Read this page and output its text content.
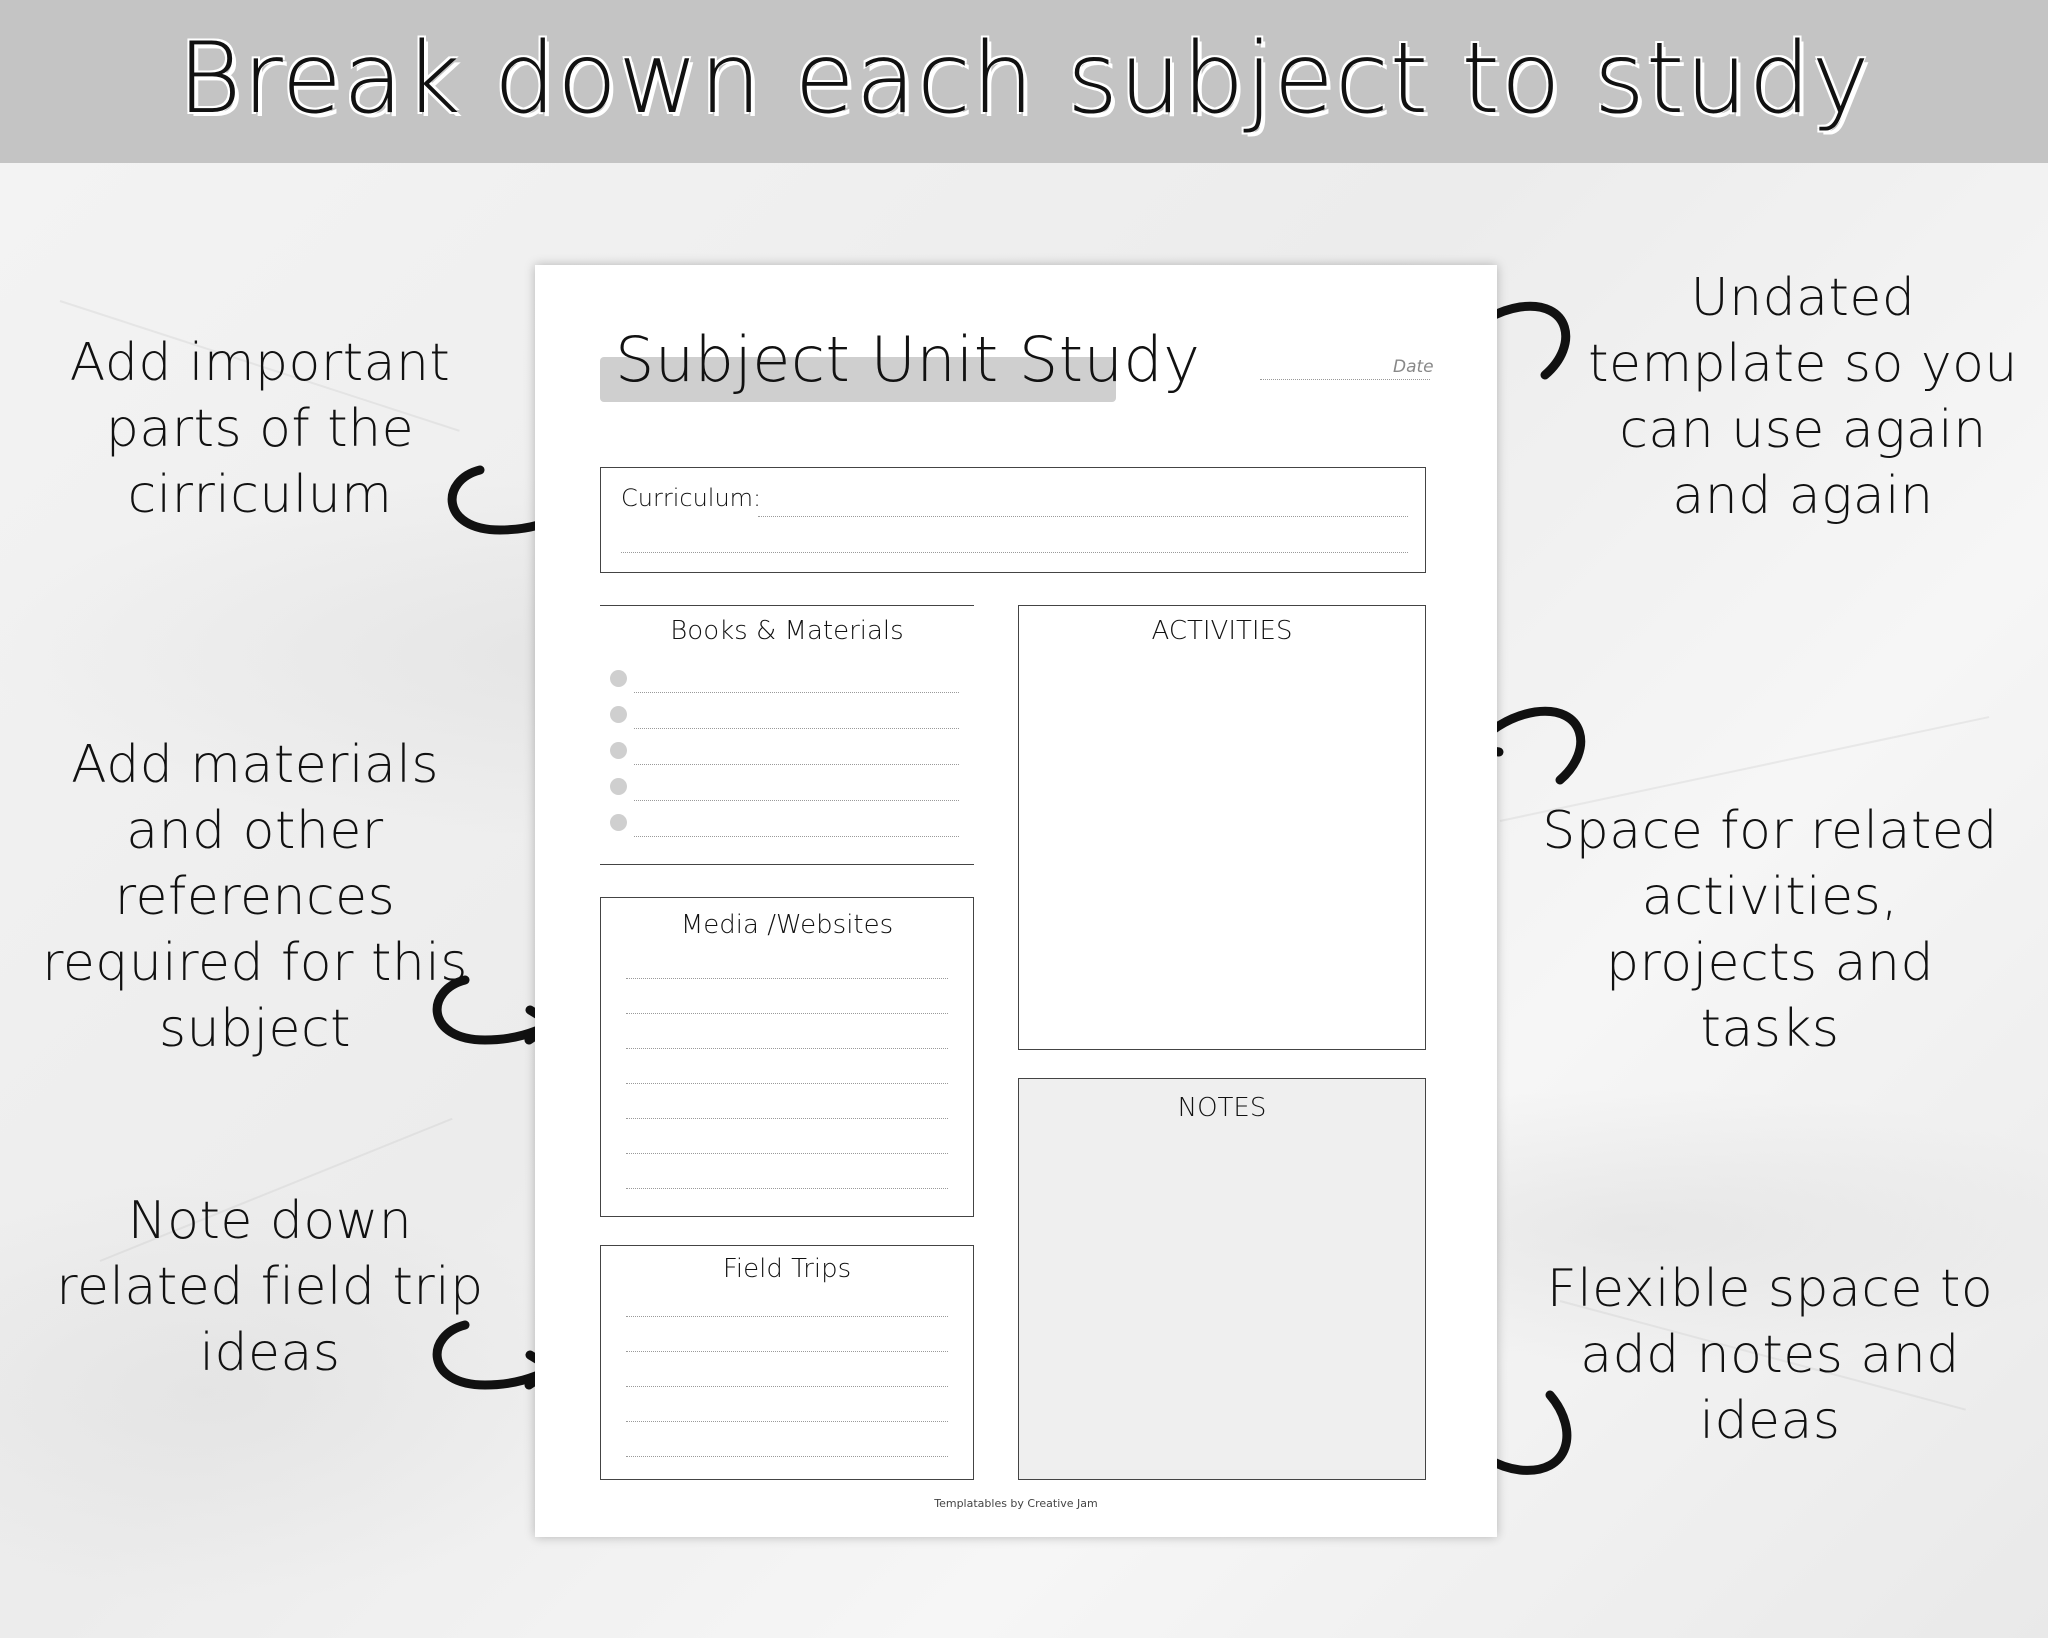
Break down each subject to study
Add important parts of the cirriculum
Add materials and other references required for this subject
Note down related field trip ideas
Undated template so you can use again and again
Space for related activities, projects and tasks
Flexible space to add notes and ideas
Subject Unit Study	Date
Curriculum:
Books & Materials
Media /Websites
Field Trips
ACTIVITIES
NOTES
Templatables by Creative Jam
